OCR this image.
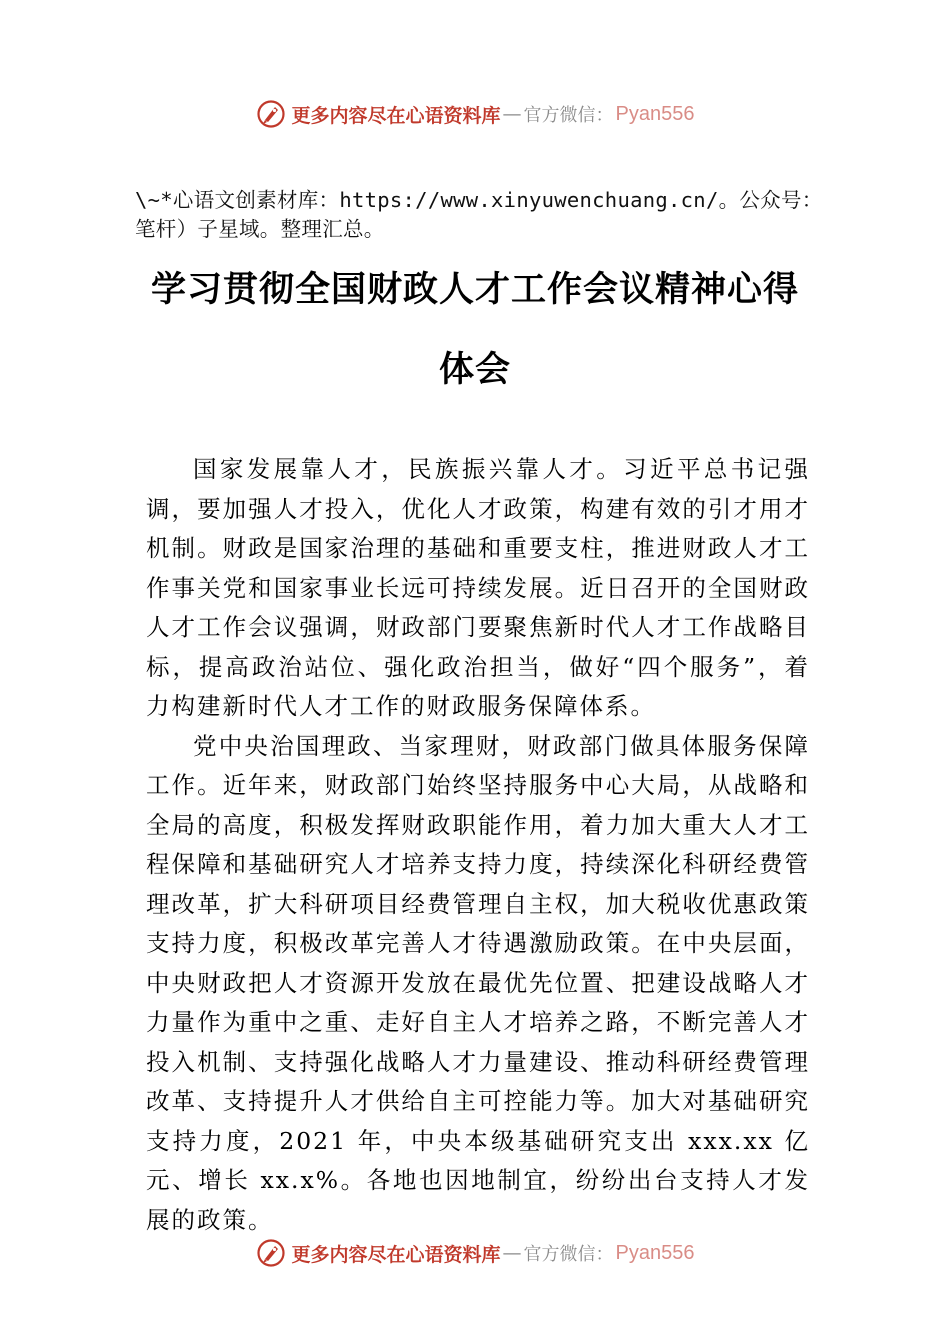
更多内容尽在心语资料库 — 官方微信： Pyan556
\~*心语文创素材库：https://www.xinyuwenchuang.cn/。公众号：笔杆）子星域。整理汇总。
学习贯彻全国财政人才工作会议精神心得
体会

国家发展靠人才，民族振兴靠人才。习近平总书记强调，要加强人才投入，优化人才政策，构建有效的引才用才机制。财政是国家治理的基础和重要支柱，推进财政人才工作事关党和国家事业长远可持续发展。近日召开的全国财政人才工作会议强调，财政部门要聚焦新时代人才工作战略目标，提高政治站位、强化政治担当，做好“四个服务”，着力构建新时代人才工作的财政服务保障体系。

党中央治国理政、当家理财，财政部门做具体服务保障工作。近年来，财政部门始终坚持服务中心大局，从战略和全局的高度，积极发挥财政职能作用，着力加大重大人才工程保障和基础研究人才培养支持力度，持续深化科研经费管理改革，扩大科研项目经费管理自主权，加大税收优惠政策支持力度，积极改革完善人才待遇激励政策。在中央层面， 中央财政把人才资源开发放在最优先位置、把建设战略人才力量作为重中之重、走好自主人才培养之路，不断完善人才投入机制、支持强化战略人才力量建设、推动科研经费管理改革、支持提升人才供给自主可控能力等。加大对基础研究支持力度，2021 年，中央本级基础研究支出 xxx.xx 亿元、增长 xx.x%。各地也因地制宜，纷纷出台支持人才发展的政策。

更多内容尽在心语资料库 — 官方微信： Pyan556
